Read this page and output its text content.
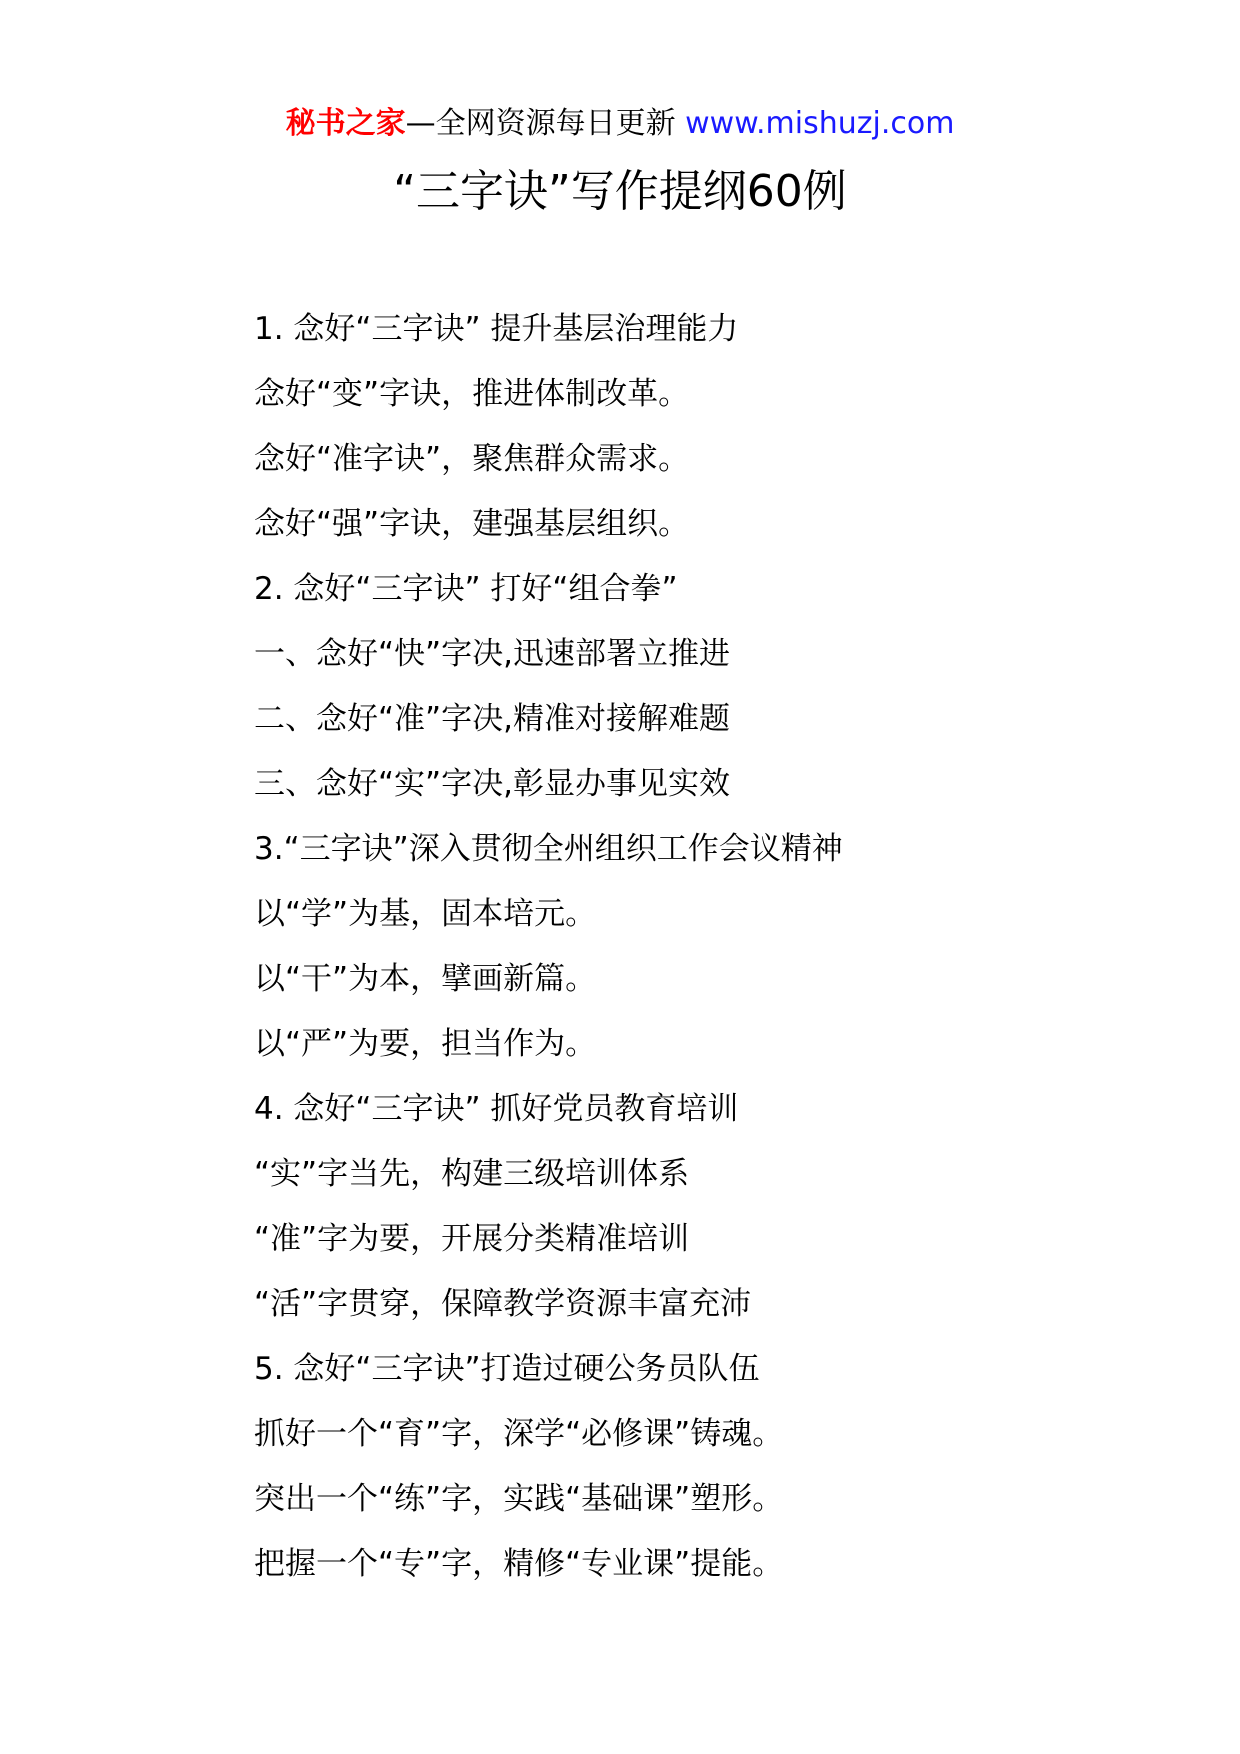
秘书之家—全网资源每日更新 www.mishuzj.com
“三字诀”写作提纲60例
1. 念好“三字诀” 提升基层治理能力
念好“变”字诀，推进体制改革。
念好“准字诀”，聚焦群众需求。
念好“强”字诀，建强基层组织。
2. 念好“三字诀” 打好“组合拳”
一、念好“快”字决,迅速部署立推进
二、念好“准”字决,精准对接解难题
三、念好“实”字决,彰显办事见实效
3.“三字诀”深入贯彻全州组织工作会议精神
以“学”为基，固本培元。
以“干”为本，擘画新篇。
以“严”为要，担当作为。
4. 念好“三字诀” 抓好党员教育培训
“实”字当先，构建三级培训体系
“准”字为要，开展分类精准培训
“活”字贯穿，保障教学资源丰富充沛
5. 念好“三字诀”打造过硬公务员队伍
抓好一个“育”字，深学“必修课”铸魂。
突出一个“练”字，实践“基础课”塑形。
把握一个“专”字，精修“专业课”提能。
